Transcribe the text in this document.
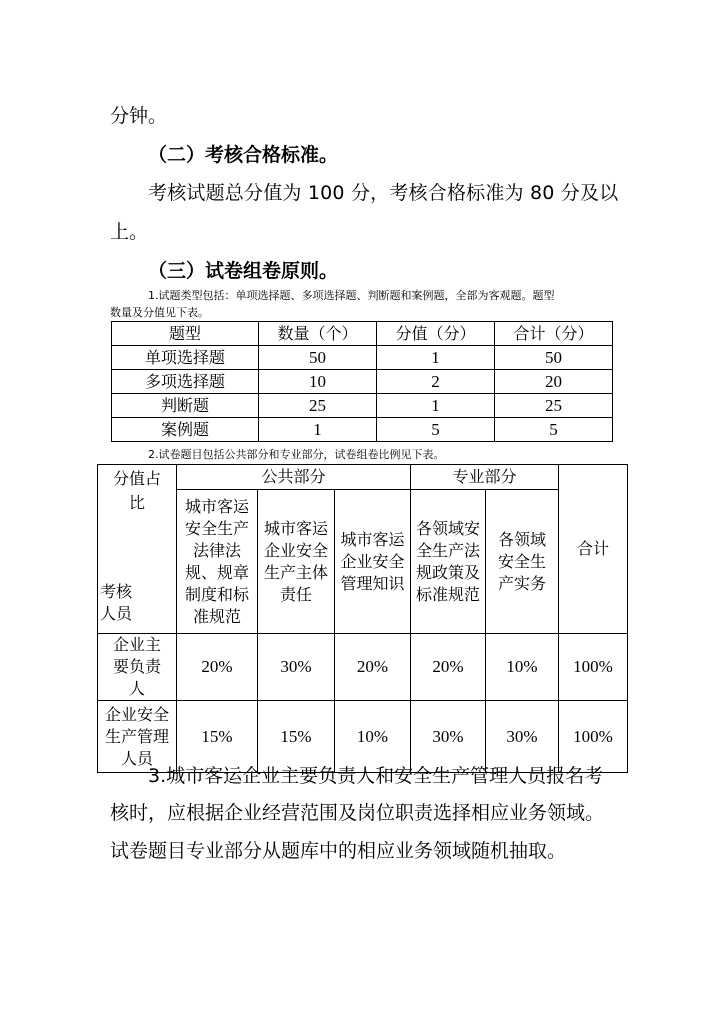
分钟。
（二）考核合格标准。
考核试题总分值为 100 分，考核合格标准为 80 分及以
上。
（三）试卷组卷原则。
1.试题类型包括：单项选择题、多项选择题、判断题和案例题，全部为客观题。题型
数量及分值见下表。
题型	数量（个）	分值（分）	合计（分）
单项选择题	50	1	50
多项选择题	10	2	20
判断题	25	1	25
案例题	1	5	5
2.试卷题目包括公共部分和专业部分，试卷组卷比例见下表。
分值占比
考核人员	公共部分			专业部分		合计
	城市客运安全生产法律法规、规章制度和标准规范	城市客运企业安全生产主体责任	城市客运企业安全管理知识	各领域安全生产法规政策及标准规范	各领域安全生产实务	
企业主要负责人	20%	30%	20%	20%	10%	100%
企业安全生产管理人员	15%	15%	10%	30%	30%	100%
3.城市客运企业主要负责人和安全生产管理人员报名考
核时，应根据企业经营范围及岗位职责选择相应业务领域。
试卷题目专业部分从题库中的相应业务领域随机抽取。
